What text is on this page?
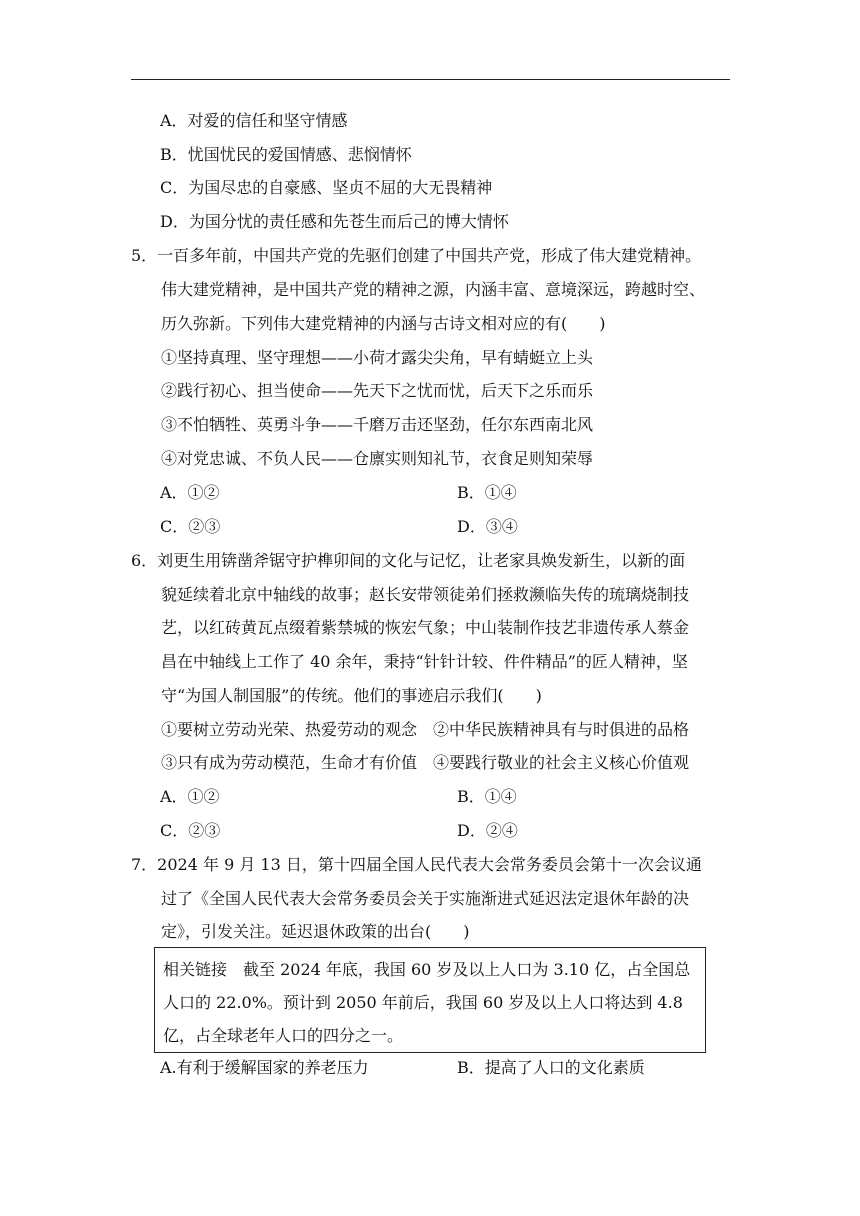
A．对爱的信任和坚守情感
B．忧国忧民的爱国情感、悲悯情怀
C．为国尽忠的自豪感、坚贞不屈的大无畏精神
D．为国分忧的责任感和先苍生而后己的博大情怀
5．一百多年前，中国共产党的先驱们创建了中国共产党，形成了伟大建党精神。
伟大建党精神，是中国共产党的精神之源，内涵丰富、意境深远，跨越时空、
历久弥新。下列伟大建党精神的内涵与古诗文相对应的有(　　)
①坚持真理、坚守理想——小荷才露尖尖角，早有蜻蜓立上头
②践行初心、担当使命——先天下之忧而忧，后天下之乐而乐
③不怕牺牲、英勇斗争——千磨万击还坚劲，任尔东西南北风
④对党忠诚、不负人民——仓廪实则知礼节，衣食足则知荣辱
A．①②	B．①④
C．②③	D．③④
6．刘更生用锛凿斧锯守护榫卯间的文化与记忆，让老家具焕发新生，以新的面
貌延续着北京中轴线的故事；赵长安带领徒弟们拯救濒临失传的琉璃烧制技
艺，以红砖黄瓦点缀着紫禁城的恢宏气象；中山装制作技艺非遗传承人蔡金
昌在中轴线上工作了 40 余年，秉持“针针计较、件件精品”的匠人精神，坚
守“为国人制国服”的传统。他们的事迹启示我们(　　)
①要树立劳动光荣、热爱劳动的观念　②中华民族精神具有与时俱进的品格
③只有成为劳动模范，生命才有价值　④要践行敬业的社会主义核心价值观
A．①②	B．①④
C．②③	D．②④
7．2024 年 9 月 13 日，第十四届全国人民代表大会常务委员会第十一次会议通
过了《全国人民代表大会常务委员会关于实施渐进式延迟法定退休年龄的决
定》，引发关注。延迟退休政策的出台(　　)
相关链接　截至 2024 年底，我国 60 岁及以上人口为 3.10 亿，占全国总
人口的 22.0%。预计到 2050 年前后，我国 60 岁及以上人口将达到 4.8
亿，占全球老年人口的四分之一。
A.有利于缓解国家的养老压力	B．提高了人口的文化素质
